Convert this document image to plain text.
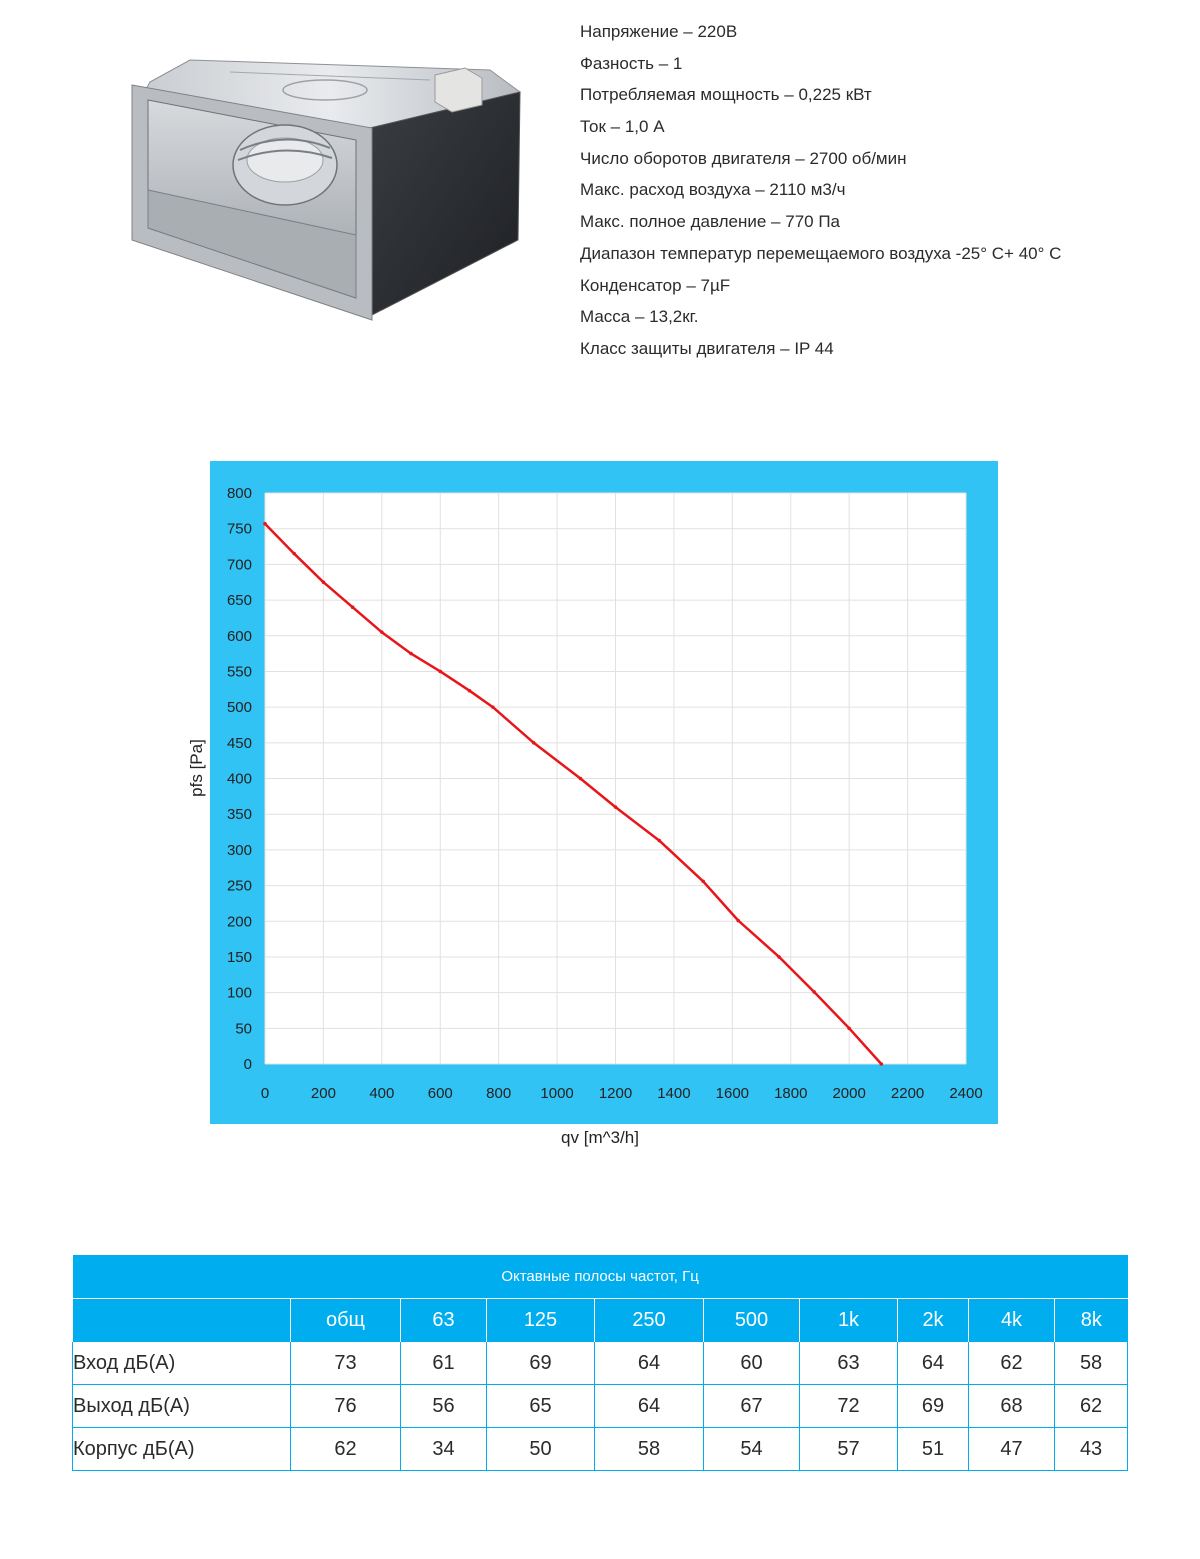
Напряжение – 220В
Фазность – 1
Потребляемая мощность – 0,225 кВт
Ток – 1,0 А
Число оборотов двигателя – 2700 об/мин
Макс. расход воздуха – 2110 м3/ч
Макс. полное давление – 770 Па
Диапазон температур перемещаемого воздуха -25° С+ 40° С
Конденсатор – 7µF
Масса – 13,2кг.
Класс защиты двигателя – IP 44
0	200 400 600 800 1000 1200 1400 1600 1800 2000 2200 2400
0
50
100
150
200
250
300
350
400
450
500
550
600
650
700
750
800
pfs [Pa]
qv [m^3/h]
Октавные полосы частот, Гц									
	общ	63	125	250	500	1k	2k	4k	8k
Вход дБ(А)	73	61	69	64	60	63	64	62	58
Выход дБ(А)	76	56	65	64	67	72	69	68	62
Корпус дБ(А)	62	34	50	58	54	57	51	47	43
